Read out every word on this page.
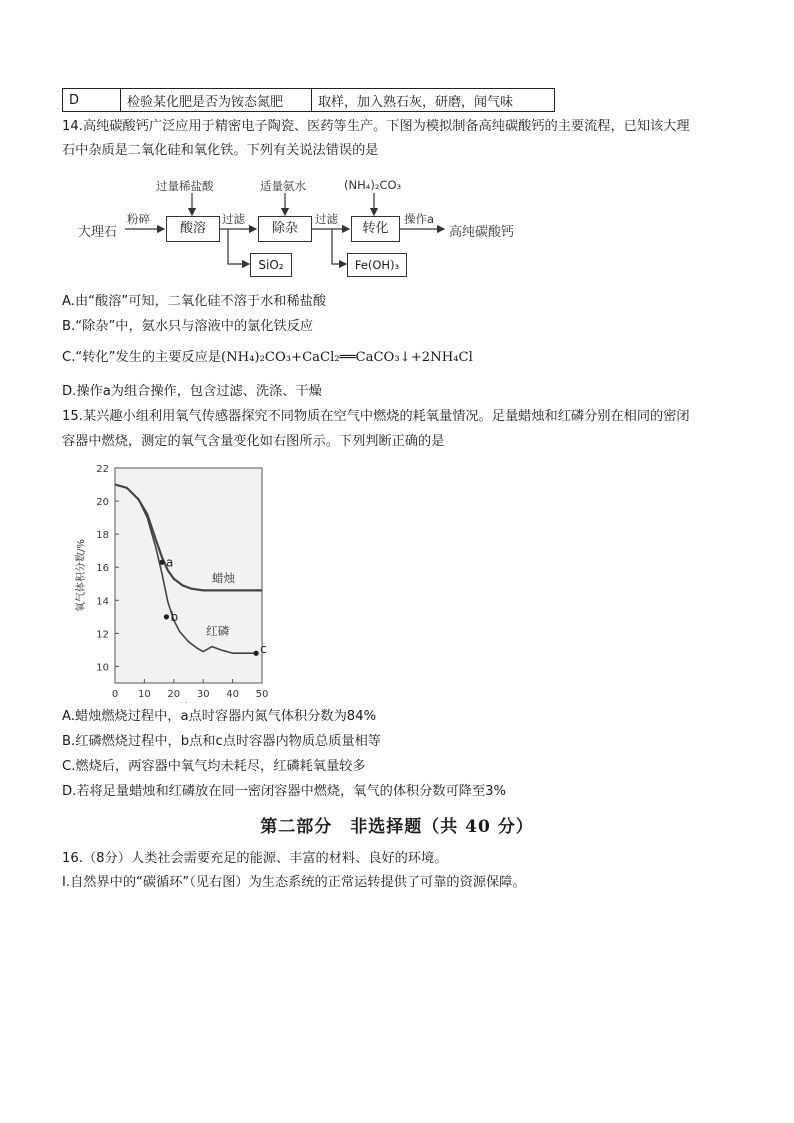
D	检验某化肥是否为铵态氮肥	取样，加入熟石灰，研磨，闻气味
14.高纯碳酸钙广泛应用于精密电子陶瓷、医药等生产。下图为模拟制备高纯碳酸钙的主要流程，已知该大理
石中杂质是二氧化硅和氧化铁。下列有关说法错误的是
大理石
粉碎
过量稀盐酸
酸溶
过滤
SiO₂
适量氨水
除杂
过滤
Fe(OH)₃
(NH₄)₂CO₃
转化
操作a
高纯碳酸钙
A.由“酸溶”可知，二氧化硅不溶于水和稀盐酸
B.“除杂”中，氨水只与溶液中的氯化铁反应
C.“转化”发生的主要反应是(NH₄)₂CO₃+CaCl₂══CaCO₃↓+2NH₄Cl
D.操作a为组合操作，包含过滤、洗涤、干燥
15.某兴趣小组利用氧气传感器探究不同物质在空气中燃烧的耗氧量情况。足量蜡烛和红磷分别在相同的密闭
容器中燃烧，测定的氧气含量变化如右图所示。下列判断正确的是
10
12
14
16
18
20
22
0 10 20 30 40 50
氧气体积分数/%	蜡烛
红磷
a
b
c
A.蜡烛燃烧过程中，a点时容器内氮气体积分数为84%
B.红磷燃烧过程中，b点和c点时容器内物质总质量相等
C.燃烧后，两容器中氧气均未耗尽，红磷耗氧量较多
D.若将足量蜡烛和红磷放在同一密闭容器中燃烧，氧气的体积分数可降至3%
第二部分　非选择题（共 40 分）
16.（8分）人类社会需要充足的能源、丰富的材料、良好的环境。
Ⅰ.自然界中的“碳循环”（见右图）为生态系统的正常运转提供了可靠的资源保障。
